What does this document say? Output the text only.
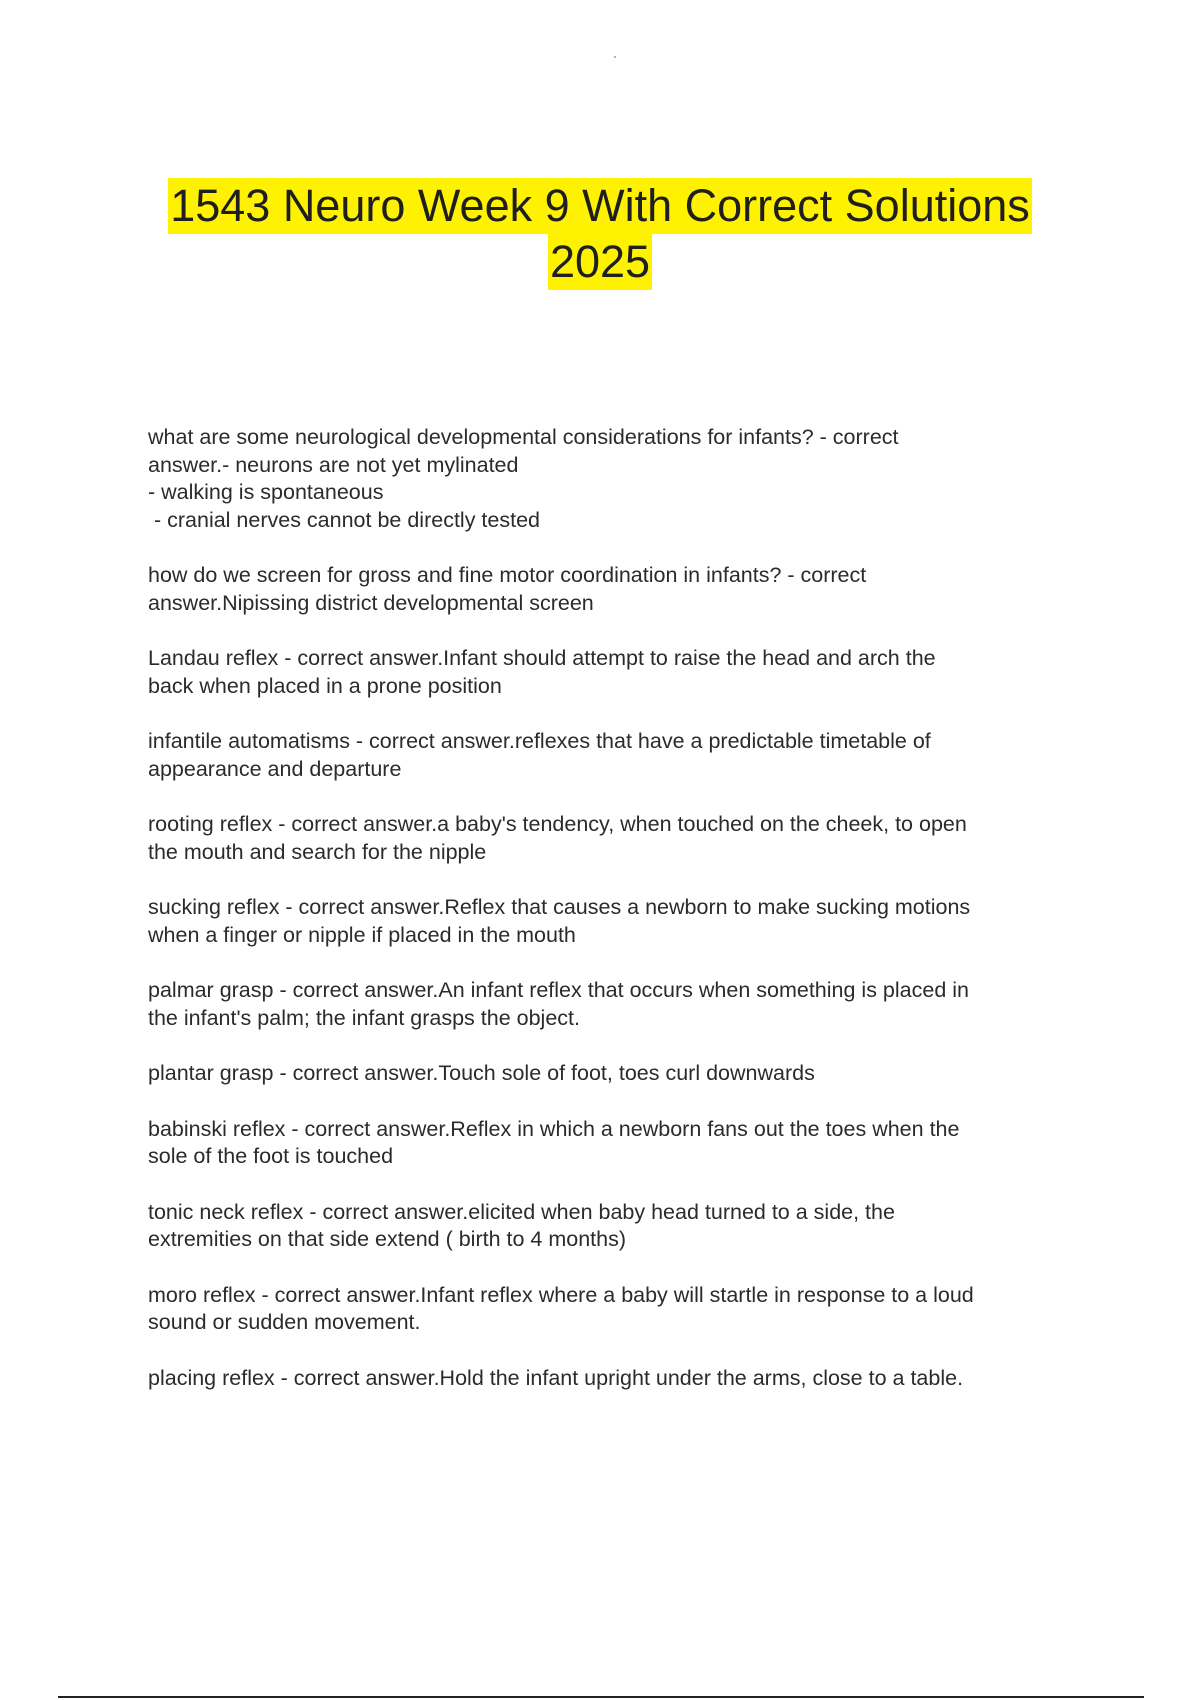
1543 Neuro Week 9 With Correct Solutions
2025

what are some neurological developmental considerations for infants? - correct
answer.- neurons are not yet mylinated
- walking is spontaneous
- cranial nerves cannot be directly tested

how do we screen for gross and fine motor coordination in infants? - correct
answer.Nipissing district developmental screen

Landau reflex - correct answer.Infant should attempt to raise the head and arch the
back when placed in a prone position

infantile automatisms - correct answer.reflexes that have a predictable timetable of
appearance and departure

rooting reflex - correct answer.a baby's tendency, when touched on the cheek, to open
the mouth and search for the nipple

sucking reflex - correct answer.Reflex that causes a newborn to make sucking motions
when a finger or nipple if placed in the mouth

palmar grasp - correct answer.An infant reflex that occurs when something is placed in
the infant's palm; the infant grasps the object.

plantar grasp - correct answer.Touch sole of foot, toes curl downwards

babinski reflex - correct answer.Reflex in which a newborn fans out the toes when the
sole of the foot is touched

tonic neck reflex - correct answer.elicited when baby head turned to a side, the
extremities on that side extend ( birth to 4 months)

moro reflex - correct answer.Infant reflex where a baby will startle in response to a loud
sound or sudden movement.

placing reflex - correct answer.Hold the infant upright under the arms, close to a table.
